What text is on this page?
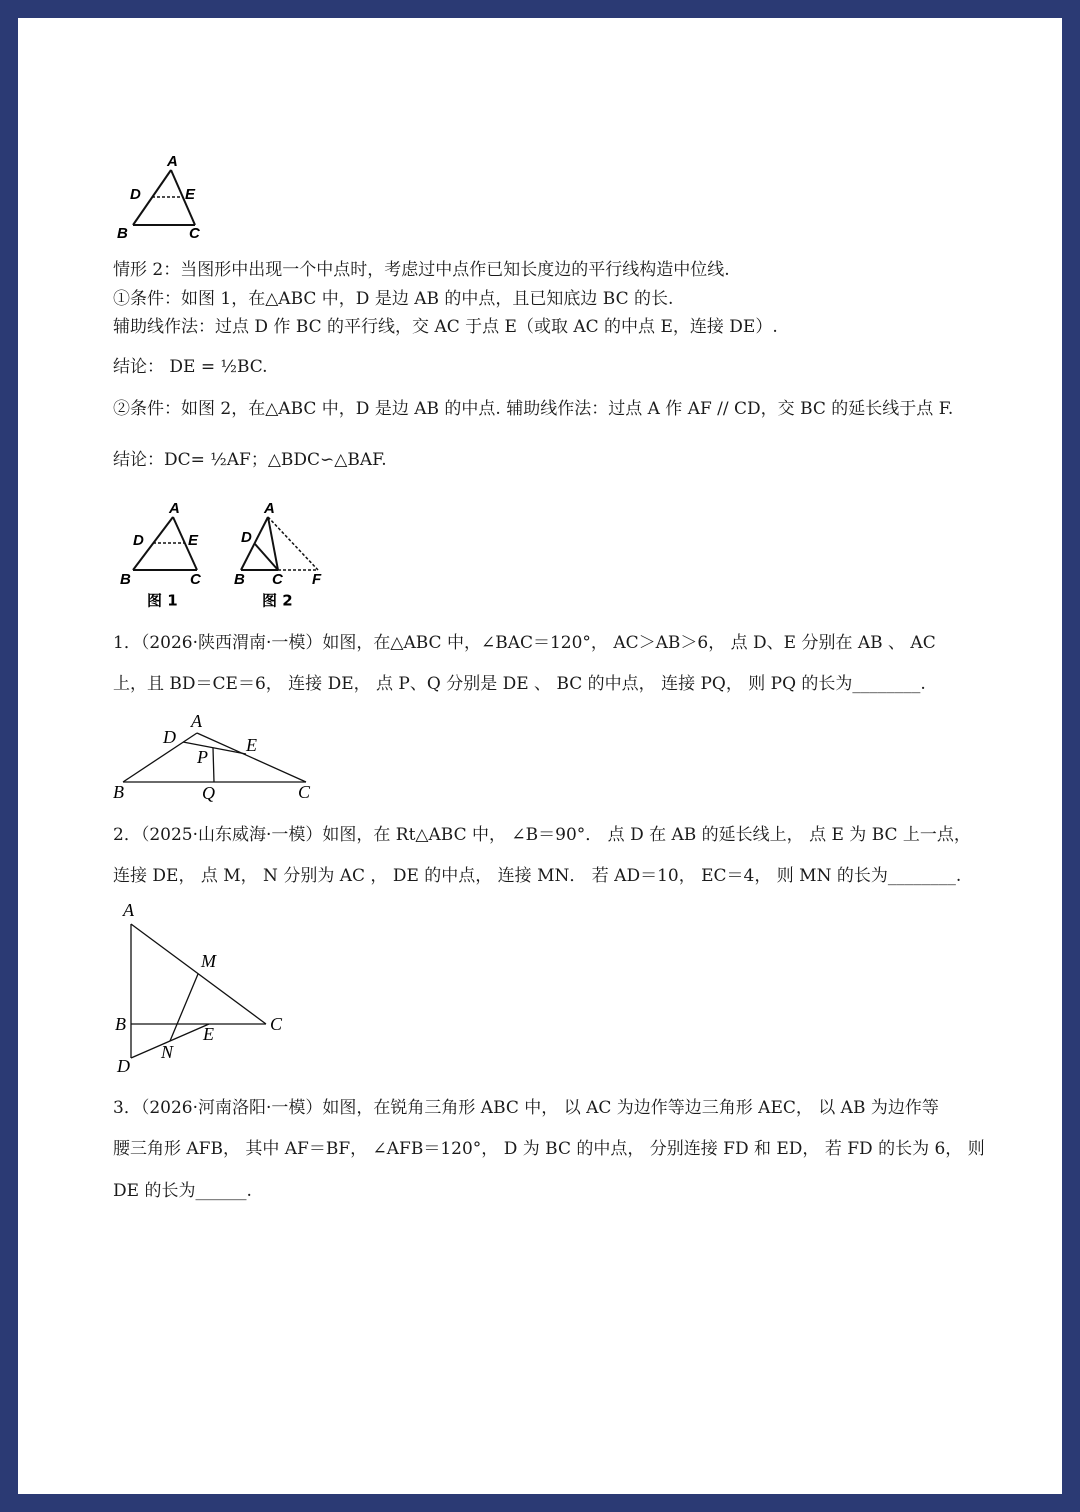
A
D	E
B	C
情形 2：当图形中出现一个中点时，考虑过中点作已知长度边的平行线构造中位线.
①条件：如图 1，在△ABC 中，D 是边 AB 的中点，且已知底边 BC 的长.
辅助线作法：过点 D 作 BC 的平行线，交 AC 于点 E（或取 AC 的中点 E，连接 DE）.
结论： DE = ½BC.
②条件：如图 2，在△ABC 中，D 是边 AB 的中点. 辅助线作法：过点 A 作 AF // CD，交 BC 的延长线于点 F.
结论：DC= ½AF；△BDC∽△BAF.
A
D	E
B	C
图 1
A
D
B C F
图 2
1．（2026·陕西渭南·一模）如图，在△ABC 中，∠BAC＝120°， AC＞AB＞6， 点 D、E 分别在 AB 、 AC
上，且 BD＝CE＝6， 连接 DE， 点 P、Q 分别是 DE 、 BC 的中点， 连接 PQ， 则 PQ 的长为________.
A
D	E
P
B	Q	C
2．（2025·山东威海·一模）如图，在 Rt△ABC 中， ∠B＝90°． 点 D 在 AB 的延长线上， 点 E 为 BC 上一点，
连接 DE， 点 M， N 分别为 AC ， DE 的中点， 连接 MN． 若 AD＝10， EC＝4， 则 MN 的长为________.
A
M
B	C
E
N
D
3．（2026·河南洛阳·一模）如图，在锐角三角形 ABC 中， 以 AC 为边作等边三角形 AEC， 以 AB 为边作等
腰三角形 AFB， 其中 AF＝BF， ∠AFB＝120°， D 为 BC 的中点， 分别连接 FD 和 ED， 若 FD 的长为 6， 则
DE 的长为______.
